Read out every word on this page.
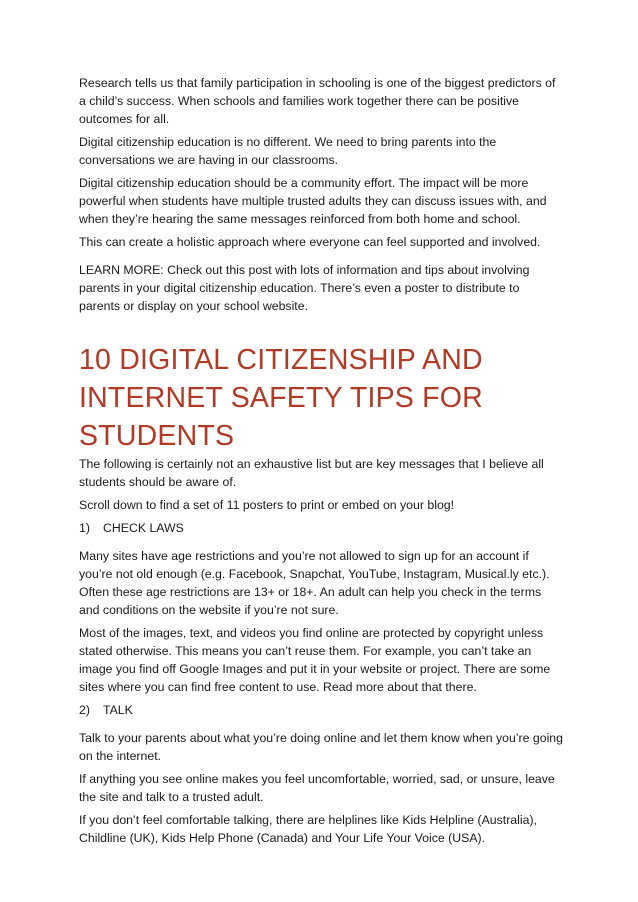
Research tells us that family participation in schooling is one of the biggest predictors of a child’s success. When schools and families work together there can be positive outcomes for all.

Digital citizenship education is no different. We need to bring parents into the conversations we are having in our classrooms.

Digital citizenship education should be a community effort. The impact will be more powerful when students have multiple trusted adults they can discuss issues with, and when they’re hearing the same messages reinforced from both home and school.

This can create a holistic approach where everyone can feel supported and involved.

LEARN MORE: Check out this post with lots of information and tips about involving parents in your digital citizenship education. There’s even a poster to distribute to parents or display on your school website.

10 DIGITAL CITIZENSHIP AND INTERNET SAFETY TIPS FOR STUDENTS

The following is certainly not an exhaustive list but are key messages that I believe all students should be aware of.

Scroll down to find a set of 11 posters to print or embed on your blog!

1)	CHECK LAWS

Many sites have age restrictions and you’re not allowed to sign up for an account if you’re not old enough (e.g. Facebook, Snapchat, YouTube, Instagram, Musical.ly etc.). Often these age restrictions are 13+ or 18+. An adult can help you check in the terms and conditions on the website if you’re not sure.

Most of the images, text, and videos you find online are protected by copyright unless stated otherwise. This means you can’t reuse them. For example, you can’t take an image you find off Google Images and put it in your website or project. There are some sites where you can find free content to use. Read more about that there.

2)	TALK

Talk to your parents about what you’re doing online and let them know when you’re going on the internet.

If anything you see online makes you feel uncomfortable, worried, sad, or unsure, leave the site and talk to a trusted adult.

If you don’t feel comfortable talking, there are helplines like Kids Helpline (Australia), Childline (UK), Kids Help Phone (Canada) and Your Life Your Voice (USA).
